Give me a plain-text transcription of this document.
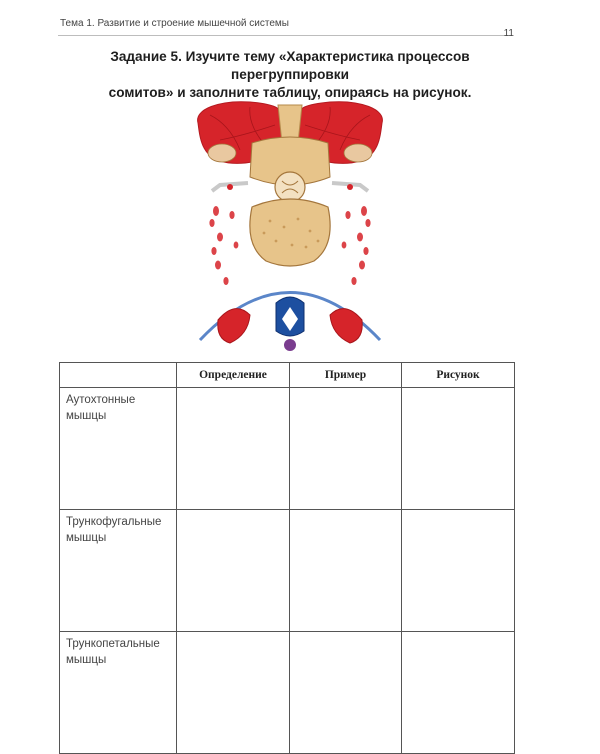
Тема 1. Развитие и строение мышечной системы
11
Задание 5. Изучите тему «Характеристика процессов перегруппировки
сомитов» и заполните таблицу, опираясь на рисунок.
	Определение	Пример	Рисунок

Аутохтонные
мышцы			

Трункофугальные
мышцы			

Трункопетальные
мышцы			
